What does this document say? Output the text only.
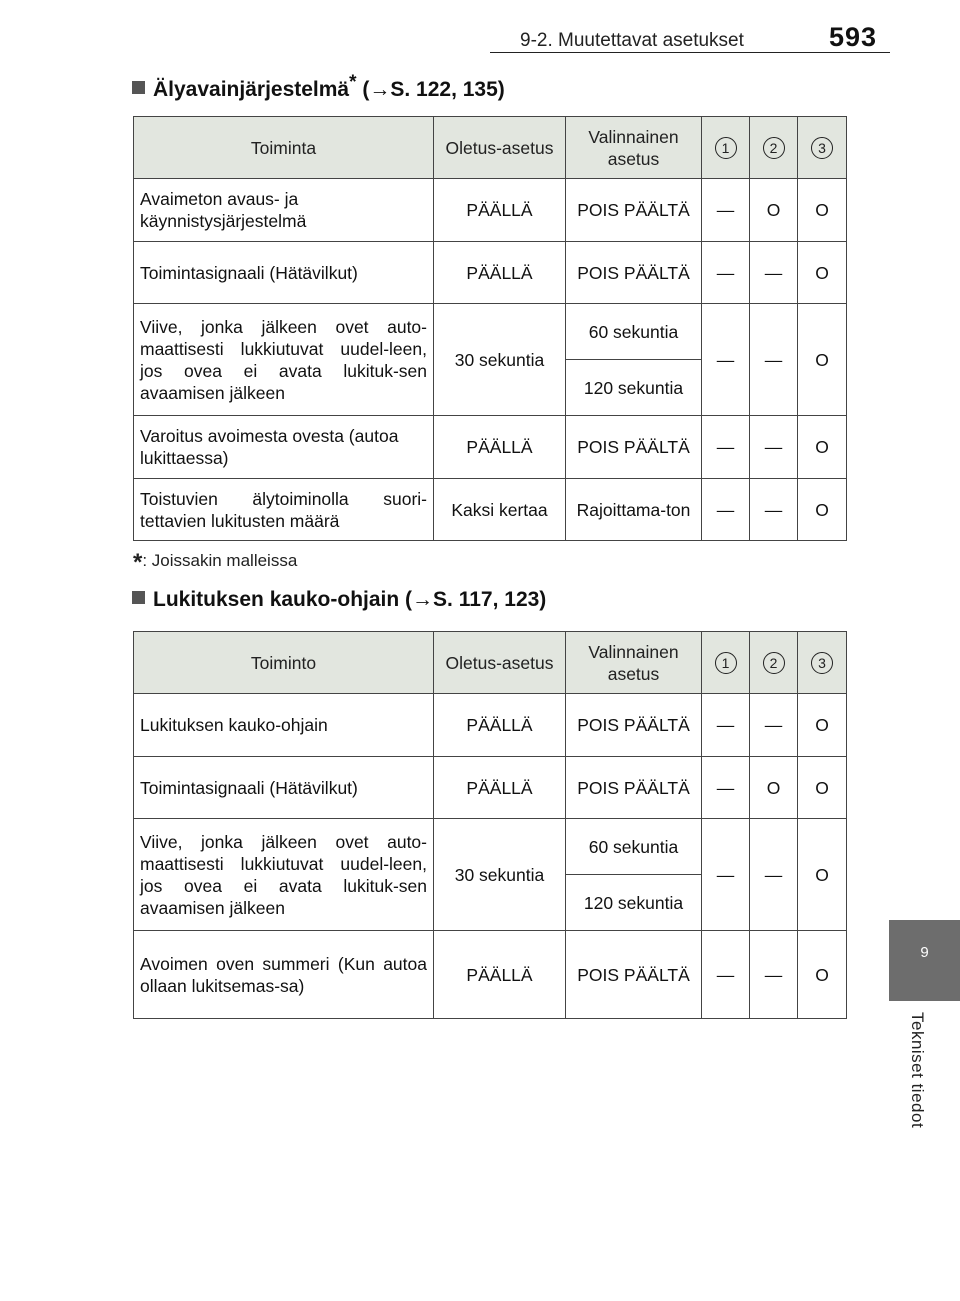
9-2. Muutettavat asetukset	593
9
Tekniset tiedot
Älyavainjärjestelmä* (→S. 122, 135)
Toiminta	Oletus-asetus	Valinnainen asetus	1	2	3
Avaimeton avaus- ja käynnistysjärjestelmä	PÄÄLLÄ	POIS PÄÄLTÄ	—	O	O
Toimintasignaali (Hätävilkut)	PÄÄLLÄ	POIS PÄÄLTÄ	—	—	O
Viive, jonka jälkeen ovet auto-maattisesti lukkiutuvat uudel-leen, jos ovea ei avata lukituk-sen avaamisen jälkeen	30 sekuntia	60 sekuntia	—	—	O
		120 sekuntia			
Varoitus avoimesta ovesta (autoa lukittaessa)	PÄÄLLÄ	POIS PÄÄLTÄ	—	—	O
Toistuvien älytoiminolla suori-tettavien lukitusten määrä	Kaksi kertaa	Rajoittama-ton	—	—	O
*: Joissakin malleissa
Lukituksen kauko-ohjain (→S. 117, 123)
Toiminto	Oletus-asetus	Valinnainen asetus	1	2	3
Lukituksen kauko-ohjain	PÄÄLLÄ	POIS PÄÄLTÄ	—	—	O
Toimintasignaali (Hätävilkut)	PÄÄLLÄ	POIS PÄÄLTÄ	—	O	O
Viive, jonka jälkeen ovet auto-maattisesti lukkiutuvat uudel-leen, jos ovea ei avata lukituk-sen avaamisen jälkeen	30 sekuntia	60 sekuntia	—	—	O
		120 sekuntia			
Avoimen oven summeri (Kun autoa ollaan lukitsemas-sa)	PÄÄLLÄ	POIS PÄÄLTÄ	—	—	O
